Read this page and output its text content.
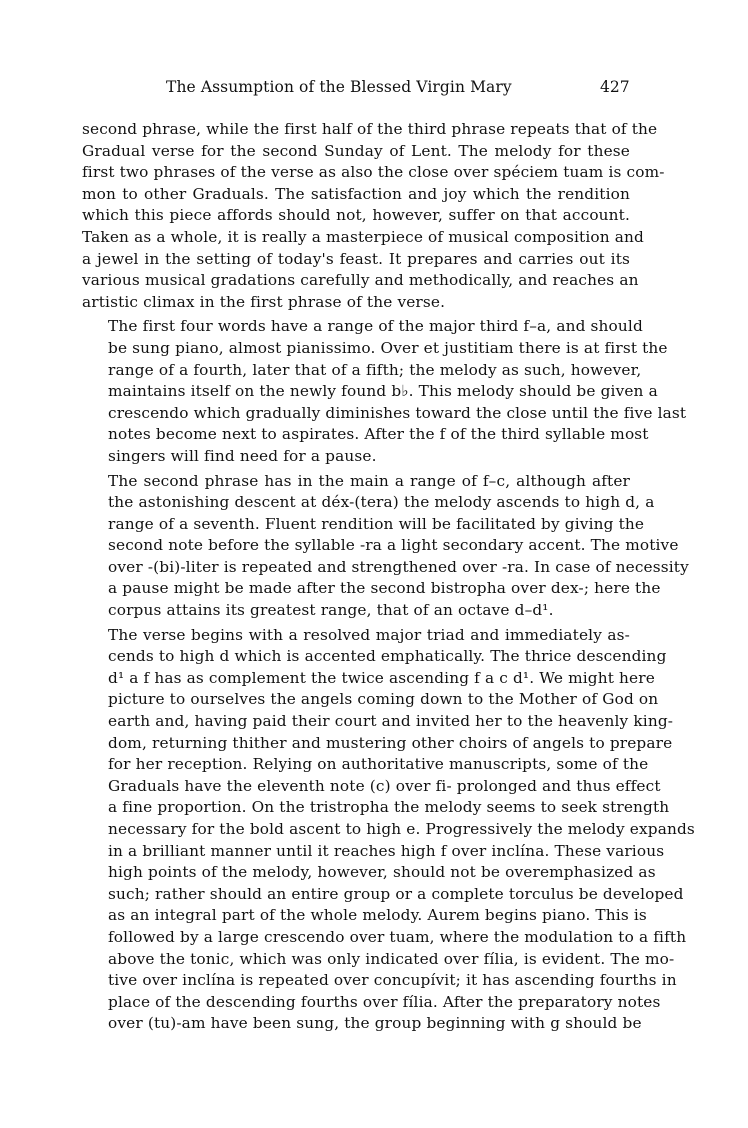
The Assumption of the Blessed Virgin Mary	427

second phrase, while the first half of the third phrase repeats that of the
Gradual verse for the second Sunday of Lent. The melody for these
first two phrases of the verse as also the close over spéciem tuam is com-
mon to other Graduals. The satisfaction and joy which the rendition
which this piece affords should not, however, suffer on that account.
Taken as a whole, it is really a masterpiece of musical composition and
a jewel in the setting of today's feast. It prepares and carries out its
various musical gradations carefully and methodically, and reaches an
artistic climax in the first phrase of the verse.

The first four words have a range of the major third f–a, and should
be sung piano, almost pianissimo. Over et justitiam there is at first the
range of a fourth, later that of a fifth; the melody as such, however,
maintains itself on the newly found b♭. This melody should be given a
crescendo which gradually diminishes toward the close until the five last
notes become next to aspirates. After the f of the third syllable most
singers will find need for a pause.

The second phrase has in the main a range of f–c, although after
the astonishing descent at déx-(tera) the melody ascends to high d, a
range of a seventh. Fluent rendition will be facilitated by giving the
second note before the syllable -ra a light secondary accent. The motive
over -(bi)-liter is repeated and strengthened over -ra. In case of necessity
a pause might be made after the second bistropha over dex-; here the
corpus attains its greatest range, that of an octave d–d¹.

The verse begins with a resolved major triad and immediately as-
cends to high d which is accented emphatically. The thrice descending
d¹ a f has as complement the twice ascending f a c d¹. We might here
picture to ourselves the angels coming down to the Mother of God on
earth and, having paid their court and invited her to the heavenly king-
dom, returning thither and mustering other choirs of angels to prepare
for her reception. Relying on authoritative manuscripts, some of the
Graduals have the eleventh note (c) over fi- prolonged and thus effect
a fine proportion. On the tristropha the melody seems to seek strength
necessary for the bold ascent to high e. Progressively the melody expands
in a brilliant manner until it reaches high f over inclína. These various
high points of the melody, however, should not be overemphasized as
such; rather should an entire group or a complete torculus be developed
as an integral part of the whole melody. Aurem begins piano. This is
followed by a large crescendo over tuam, where the modulation to a fifth
above the tonic, which was only indicated over fília, is evident. The mo-
tive over inclína is repeated over concupívit; it has ascending fourths in
place of the descending fourths over fília. After the preparatory notes
over (tu)-am have been sung, the group beginning with g should be
